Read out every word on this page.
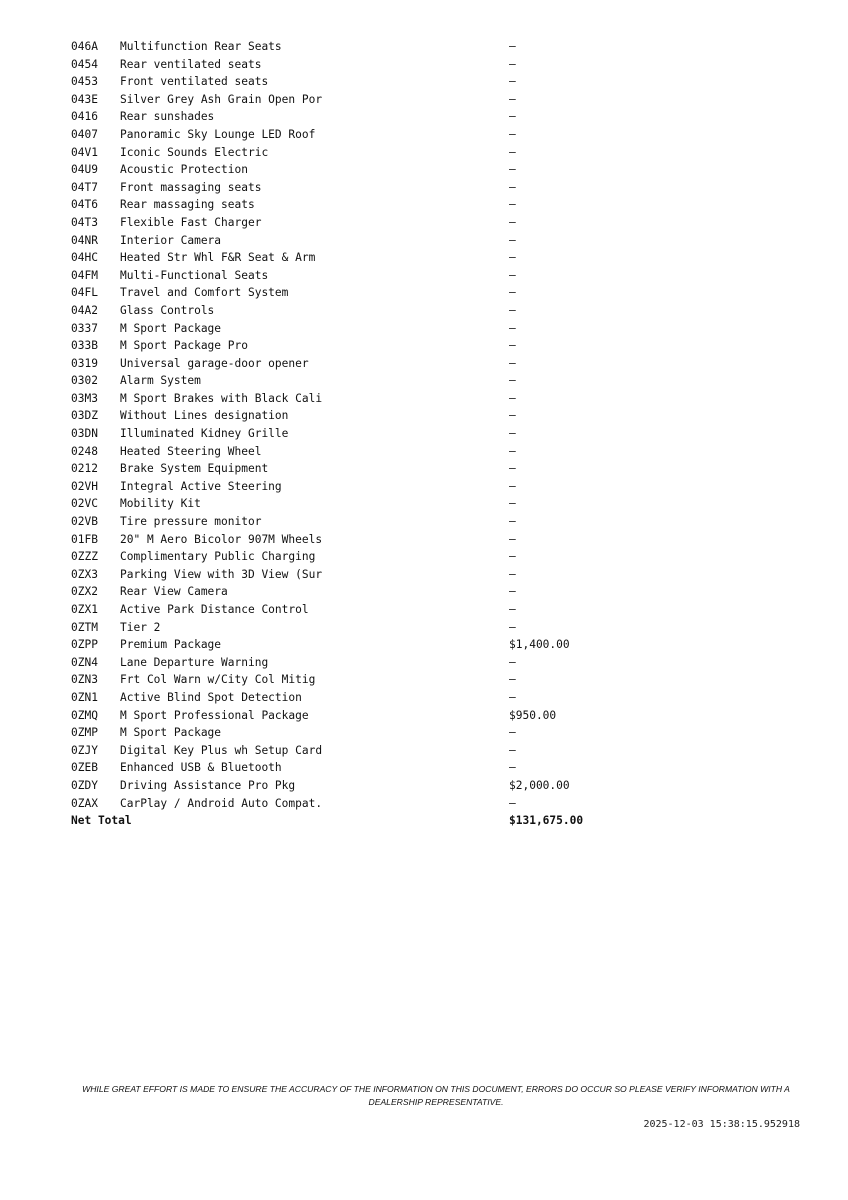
046A	Multifunction Rear Seats	—
0454	Rear ventilated seats	—
0453	Front ventilated seats	—
043E	Silver Grey Ash Grain Open Por	—
0416	Rear sunshades	—
0407	Panoramic Sky Lounge LED Roof	—
04V1	Iconic Sounds Electric	—
04U9	Acoustic Protection	—
04T7	Front massaging seats	—
04T6	Rear massaging seats	—
04T3	Flexible Fast Charger	—
04NR	Interior Camera	—
04HC	Heated Str Whl F&R Seat & Arm	—
04FM	Multi-Functional Seats	—
04FL	Travel and Comfort System	—
04A2	Glass Controls	—
0337	M Sport Package	—
033B	M Sport Package Pro	—
0319	Universal garage-door opener	—
0302	Alarm System	—
03M3	M Sport Brakes with Black Cali	—
03DZ	Without Lines designation	—
03DN	Illuminated Kidney Grille	—
0248	Heated Steering Wheel	—
0212	Brake System Equipment	—
02VH	Integral Active Steering	—
02VC	Mobility Kit	—
02VB	Tire pressure monitor	—
01FB	20" M Aero Bicolor 907M Wheels	—
0ZZZ	Complimentary Public Charging	—
0ZX3	Parking View with 3D View (Sur	—
0ZX2	Rear View Camera	—
0ZX1	Active Park Distance Control	—
0ZTM	Tier 2	—
0ZPP	Premium Package	$1,400.00
0ZN4	Lane Departure Warning	—
0ZN3	Frt Col Warn w/City Col Mitig	—
0ZN1	Active Blind Spot Detection	—
0ZMQ	M Sport Professional Package	$950.00
0ZMP	M Sport Package	—
0ZJY	Digital Key Plus wh Setup Card	—
0ZEB	Enhanced USB & Bluetooth	—
0ZDY	Driving Assistance Pro Pkg	$2,000.00
0ZAX	CarPlay / Android Auto Compat.	—
Net Total		$131,675.00

WHILE GREAT EFFORT IS MADE TO ENSURE THE ACCURACY OF THE INFORMATION ON THIS DOCUMENT, ERRORS DO OCCUR SO PLEASE VERIFY INFORMATION WITH A DEALERSHIP REPRESENTATIVE.

2025-12-03 15:38:15.952918
